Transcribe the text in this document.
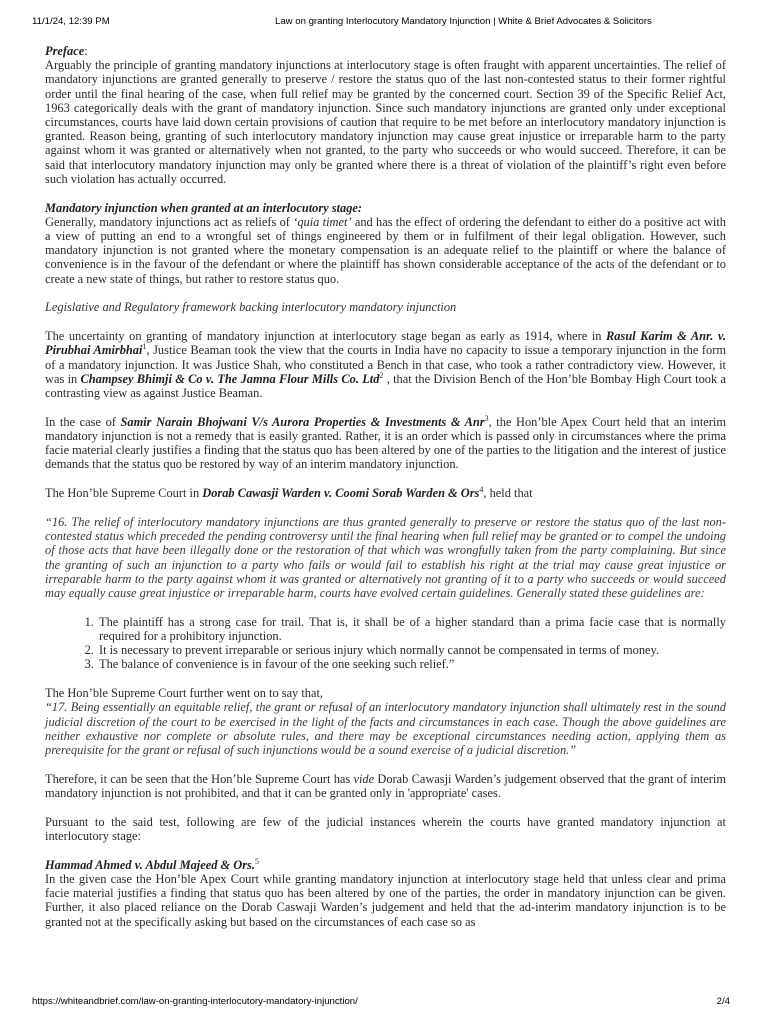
11/1/24, 12:39 PM	Law on granting Interlocutory Mandatory Injunction | White & Brief Advocates & Solicitors

Preface:

Arguably the principle of granting mandatory injunctions at interlocutory stage is often fraught with apparent uncertainties. The relief of mandatory injunctions are granted generally to preserve / restore the status quo of the last non-contested status to their former rightful order until the final hearing of the case, when full relief may be granted by the concerned court. Section 39 of the Specific Relief Act, 1963 categorically deals with the grant of mandatory injunction. Since such mandatory injunctions are granted only under exceptional circumstances, courts have laid down certain provisions of caution that require to be met before an interlocutory mandatory injunction is granted. Reason being, granting of such interlocutory mandatory injunction may cause great injustice or irreparable harm to the party against whom it was granted or alternatively when not granted, to the party who succeeds or who would succeed. Therefore, it can be said that interlocutory mandatory injunction may only be granted where there is a threat of violation of the plaintiff’s right even before such violation has actually occurred.

Mandatory injunction when granted at an interlocutory stage:

Generally, mandatory injunctions act as reliefs of ‘quia timet’ and has the effect of ordering the defendant to either do a positive act with a view of putting an end to a wrongful set of things engineered by them or in fulfilment of their legal obligation. However, such mandatory injunction is not granted where the monetary compensation is an adequate relief to the plaintiff or where the balance of convenience is in the favour of the defendant or where the plaintiff has shown considerable acceptance of the acts of the defendant or to create a new state of things, but rather to restore status quo.

Legislative and Regulatory framework backing interlocutory mandatory injunction

The uncertainty on granting of mandatory injunction at interlocutory stage began as early as 1914, where in Rasul Karim & Anr. v. Pirubhai Amirbhai$^1$, Justice Beaman took the view that the courts in India have no capacity to issue a temporary injunction in the form of a mandatory injunction. It was Justice Shah, who constituted a Bench in that case, who took a rather contradictory view. However, it was in Champsey Bhimji & Co v. The Jamna Flour Mills Co. Ltd$^2$ , that the Division Bench of the Hon’ble Bombay High Court took a contrasting view as against Justice Beaman.

In the case of Samir Narain Bhojwani V/s Aurora Properties & Investments & Anr$^3$, the Hon’ble Apex Court held that an interim mandatory injunction is not a remedy that is easily granted. Rather, it is an order which is passed only in circumstances where the prima facie material clearly justifies a finding that the status quo has been altered by one of the parties to the litigation and the interest of justice demands that the status quo be restored by way of an interim mandatory injunction.

The Hon’ble Supreme Court in Dorab Cawasji Warden v. Coomi Sorab Warden & Ors$^4$, held that

“16. The relief of interlocutory mandatory injunctions are thus granted generally to preserve or restore the status quo of the last non-contested status which preceded the pending controversy until the final hearing when full relief may be granted or to compel the undoing of those acts that have been illegally done or the restoration of that which was wrongfully taken from the party complaining. But since the granting of such an injunction to a party who fails or would fail to establish his right at the trial may cause great injustice or irreparable harm to the party against whom it was granted or alternatively not granting of it to a party who succeeds or would succeed may equally cause great injustice or irreparable harm, courts have evolved certain guidelines. Generally stated these guidelines are:

1. The plaintiff has a strong case for trail. That is, it shall be of a higher standard than a prima facie case that is normally required for a prohibitory injunction.
2. It is necessary to prevent irreparable or serious injury which normally cannot be compensated in terms of money.
3. The balance of convenience is in favour of the one seeking such relief.”

The Hon’ble Supreme Court further went on to say that,

“17. Being essentially an equitable relief, the grant or refusal of an interlocutory mandatory injunction shall ultimately rest in the sound judicial discretion of the court to be exercised in the light of the facts and circumstances in each case. Though the above guidelines are neither exhaustive nor complete or absolute rules, and there may be exceptional circumstances needing action, applying them as prerequisite for the grant or refusal of such injunctions would be a sound exercise of a judicial discretion.”

Therefore, it can be seen that the Hon’ble Supreme Court has vide Dorab Cawasji Warden’s judgement observed that the grant of interim mandatory injunction is not prohibited, and that it can be granted only in 'appropriate' cases.

Pursuant to the said test, following are few of the judicial instances wherein the courts have granted mandatory injunction at interlocutory stage:

Hammad Ahmed v. Abdul Majeed & Ors.$^5$

In the given case the Hon’ble Apex Court while granting mandatory injunction at interlocutory stage held that unless clear and prima facie material justifies a finding that status quo has been altered by one of the parties, the order in mandatory injunction can be given. Further, it also placed reliance on the Dorab Caswaji Warden’s judgement and held that the ad-interim mandatory injunction is to be granted not at the specifically asking but based on the circumstances of each case so as

https://whiteandbrief.com/law-on-granting-interlocutory-mandatory-injunction/	2/4
